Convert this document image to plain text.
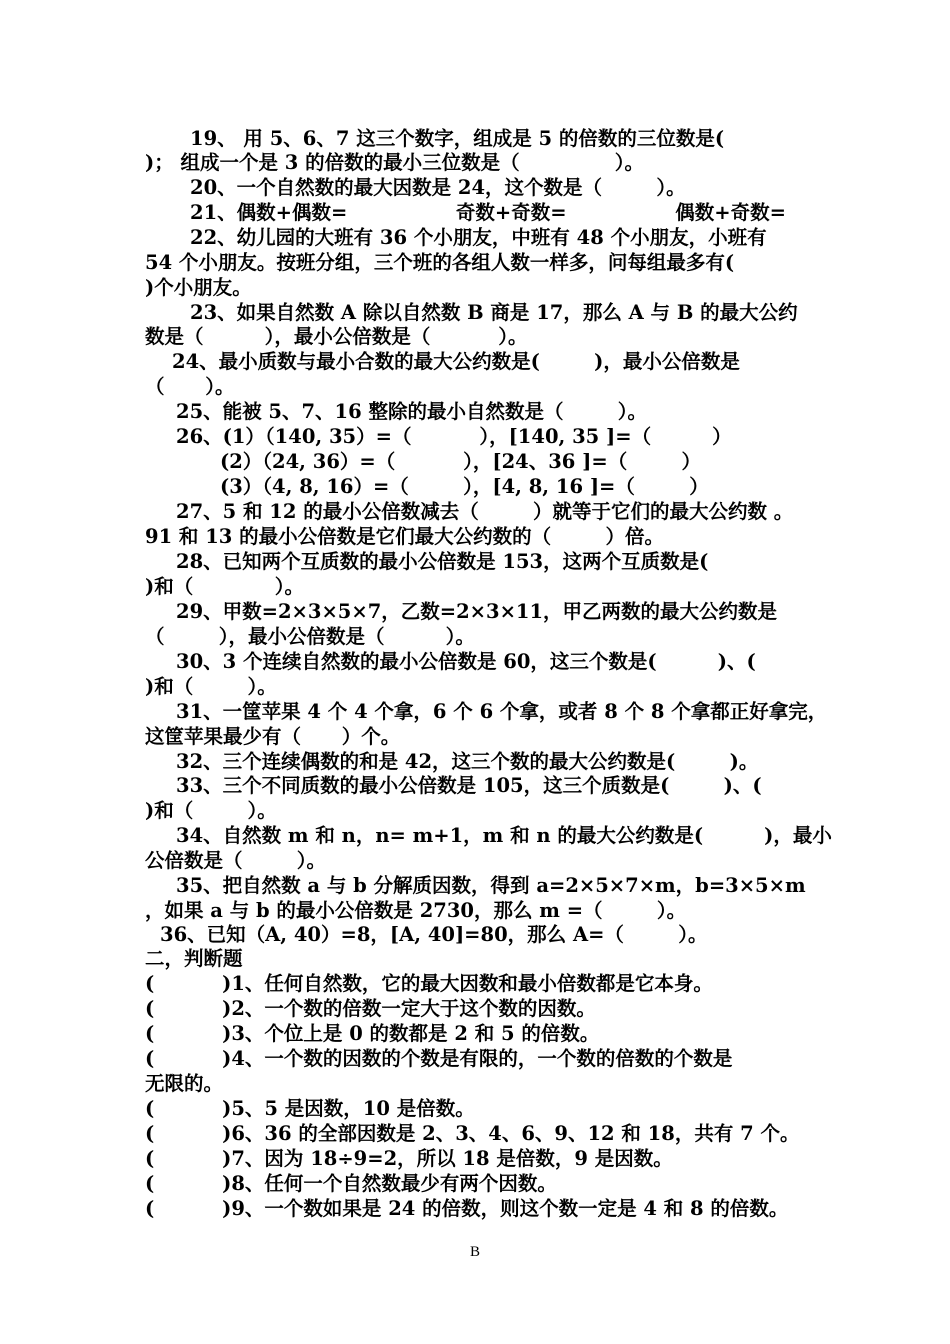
19、 用 5、6、7 这三个数字，组成是 5 的倍数的三位数是(
)； 组成一个是 3 的倍数的最小三位数是（              ）。
20、一个自然数的最大因数是 24，这个数是（        ）。
21、偶数+偶数=                奇数+奇数=                偶数+奇数=
22、幼儿园的大班有 36 个小朋友，中班有 48 个小朋友，小班有
54 个小朋友。按班分组，三个班的各组人数一样多，问每组最多有(
)个小朋友。
23、如果自然数 A 除以自然数 B 商是 17，那么 A 与 B 的最大公约
数是（         ），最小公倍数是（          ）。
24、最小质数与最小合数的最大公约数是(        )，最小公倍数是
（      ）。
25、能被 5、7、16 整除的最小自然数是（        ）。
26、(1）（140, 35）=（          ），[140, 35 ]=（         ）
(2）（24, 36）=（          ），[24、36 ]=（        ）
(3）（4, 8, 16）=（        ），[4, 8, 16 ]=（        ）
27、5 和 12 的最小公倍数减去（        ）就等于它们的最大公约数 。
91 和 13 的最小公倍数是它们最大公约数的（        ）倍。
28、已知两个互质数的最小公倍数是 153，这两个互质数是(
)和（            ）。
29、甲数=2×3×5×7，乙数=2×3×11，甲乙两数的最大公约数是
（        ），最小公倍数是（         ）。
30、3 个连续自然数的最小公倍数是 60，这三个数是(         )、(
)和（        ）。
31、一筐苹果 4 个 4 个拿，6 个 6 个拿，或者 8 个 8 个拿都正好拿完，
这筐苹果最少有（      ）个。
32、三个连续偶数的和是 42，这三个数的最大公约数是(        )。
33、三个不同质数的最小公倍数是 105，这三个质数是(        )、(
)和（        ）。
34、自然数 m 和 n，n= m+1，m 和 n 的最大公约数是(         )，最小
公倍数是（        ）。
35、把自然数 a 与 b 分解质因数，得到 a=2×5×7×m，b=3×5×m
，如果 a 与 b 的最小公倍数是 2730，那么 m =（        ）。
36、已知（A, 40）=8，[A, 40]=80，那么 A=（        ）。
二，判断题
(          )1、任何自然数，它的最大因数和最小倍数都是它本身。
(          )2、一个数的倍数一定大于这个数的因数。
(          )3、个位上是 0 的数都是 2 和 5 的倍数。
(          )4、一个数的因数的个数是有限的，一个数的倍数的个数是
无限的。
(          )5、5 是因数，10 是倍数。
(          )6、36 的全部因数是 2、3、4、6、9、12 和 18，共有 7 个。
(          )7、因为 18÷9=2，所以 18 是倍数，9 是因数。
(          )8、任何一个自然数最少有两个因数。
(          )9、一个数如果是 24 的倍数，则这个数一定是 4 和 8 的倍数。
B
